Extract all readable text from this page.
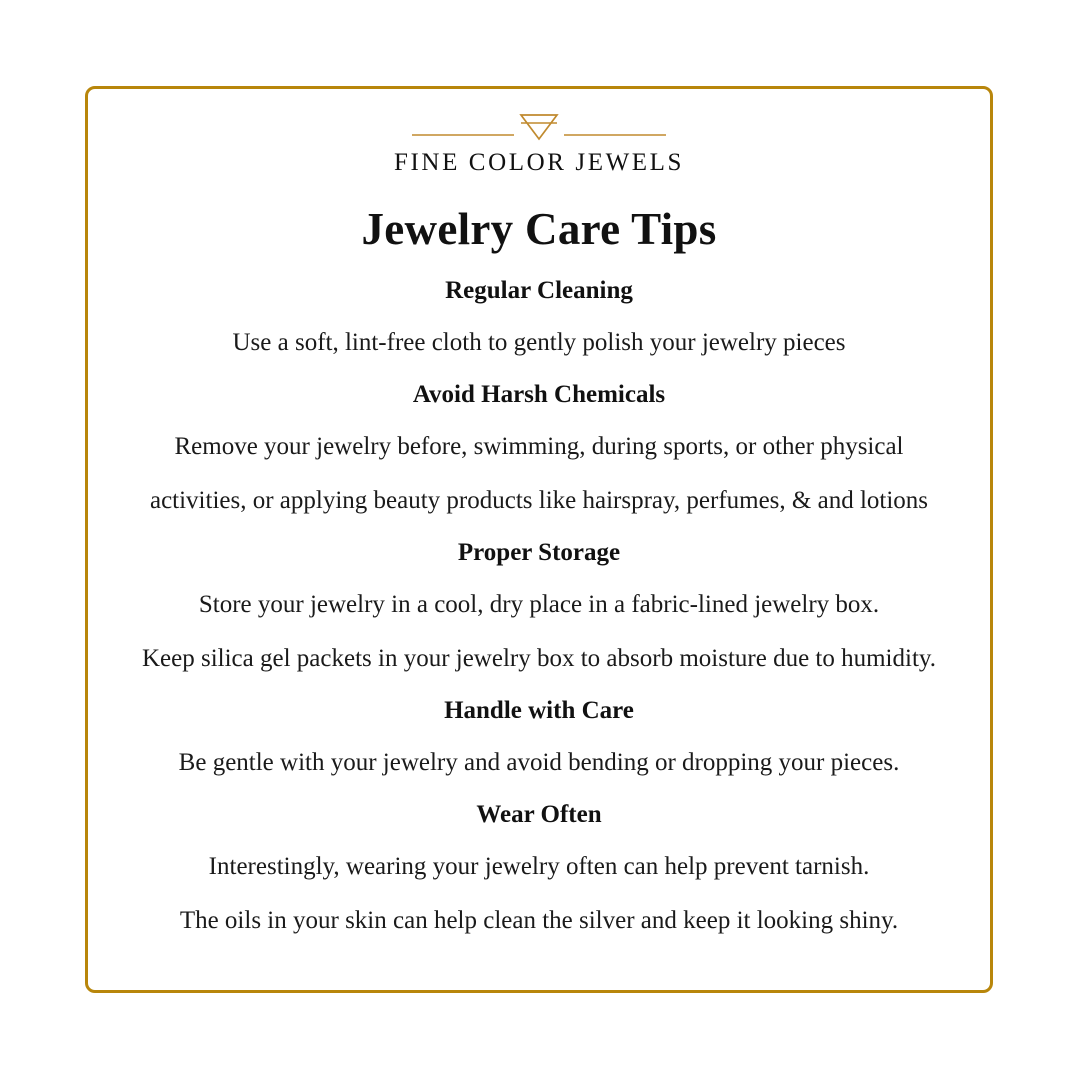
FINE COLOR JEWELS
Jewelry Care Tips
Regular Cleaning
Use a soft, lint-free cloth to gently polish your jewelry pieces
Avoid Harsh Chemicals
Remove your jewelry before, swimming, during sports, or other physical
activities, or applying beauty products like hairspray, perfumes, & and lotions
Proper Storage
Store your jewelry in a cool, dry place in a fabric-lined jewelry box.
Keep silica gel packets in your jewelry box to absorb moisture due to humidity.
Handle with Care
Be gentle with your jewelry and avoid bending or dropping your pieces.
Wear Often
Interestingly, wearing your jewelry often can help prevent tarnish.
The oils in your skin can help clean the silver and keep it looking shiny.
